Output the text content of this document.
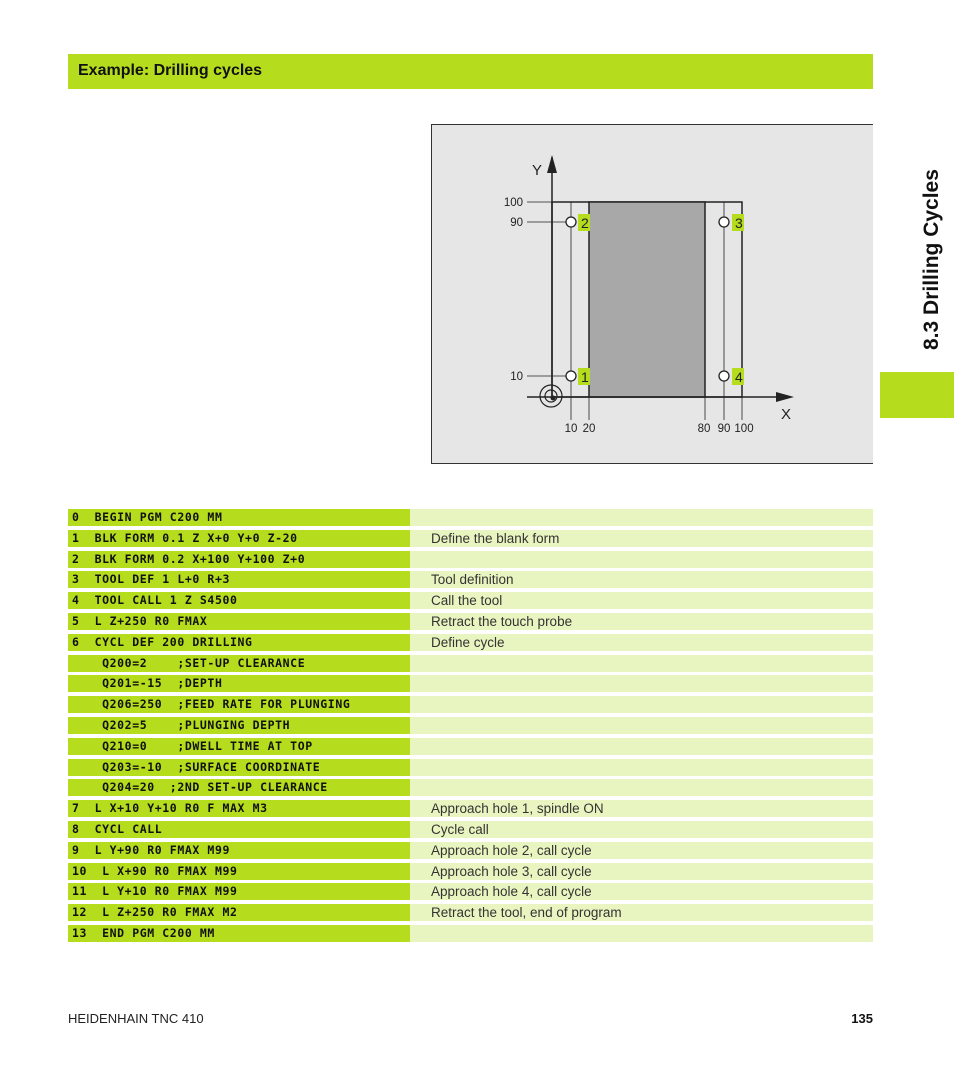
Example: Drilling cycles
8.3 Drilling Cycles
2	3
1	4
Y
X
100
90
10
10 20	80 90 100
0  BEGIN PGM C200 MM
1  BLK FORM 0.1 Z X+0 Y+0 Z-20	Define the blank form
2  BLK FORM 0.2 X+100 Y+100 Z+0
3  TOOL DEF 1 L+0 R+3	Tool definition
4  TOOL CALL 1 Z S4500	Call the tool
5  L Z+250 R0 FMAX	Retract the touch probe
6  CYCL DEF 200 DRILLING	Define cycle
Q200=2    ;SET-UP CLEARANCE
Q201=-15  ;DEPTH
Q206=250  ;FEED RATE FOR PLUNGING
Q202=5    ;PLUNGING DEPTH
Q210=0    ;DWELL TIME AT TOP
Q203=-10  ;SURFACE COORDINATE
Q204=20  ;2ND SET-UP CLEARANCE
7  L X+10 Y+10 R0 F MAX M3	Approach hole 1, spindle ON
8  CYCL CALL	Cycle call
9  L Y+90 R0 FMAX M99	Approach hole 2, call cycle
10  L X+90 R0 FMAX M99	Approach hole 3, call cycle
11  L Y+10 R0 FMAX M99	Approach hole 4, call cycle
12  L Z+250 R0 FMAX M2	Retract the tool, end of program
13  END PGM C200 MM
HEIDENHAIN TNC 410	135
